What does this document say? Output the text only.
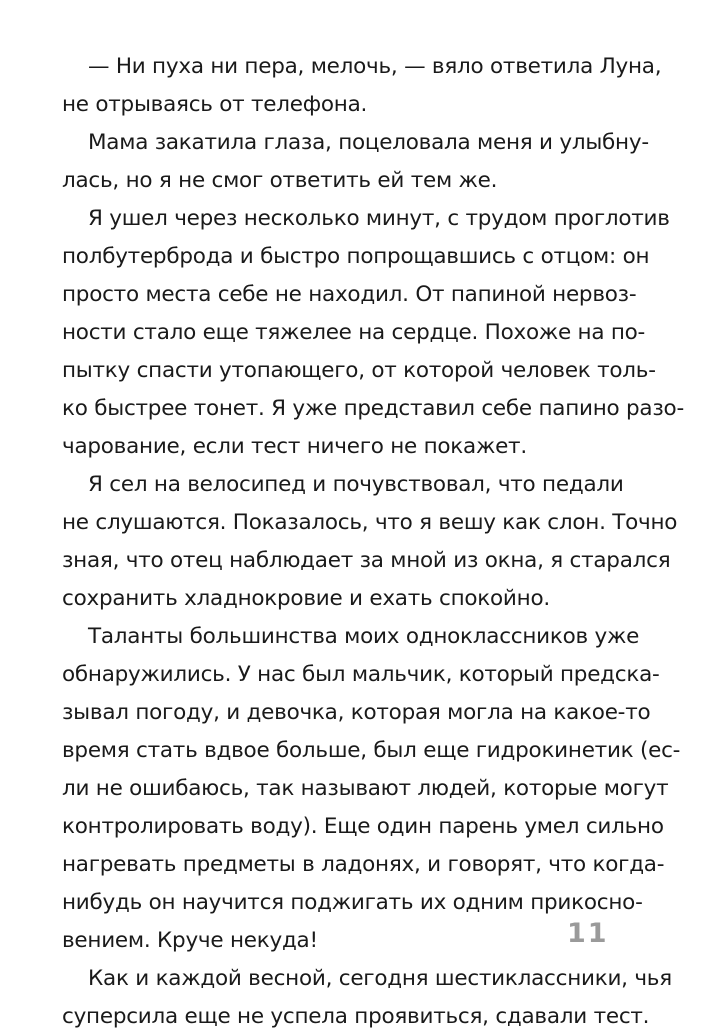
— Ни пуха ни пера, мелочь, — вяло ответила Луна,
не отрываясь от телефона.
Мама закатила глаза, поцеловала меня и улыбну-
лась, но я не смог ответить ей тем же.
Я ушел через несколько минут, с трудом проглотив
полбутерброда и быстро попрощавшись с отцом: он
просто места себе не находил. От папиной нервоз-
ности стало еще тяжелее на сердце. Похоже на по-
пытку спасти утопающего, от которой человек толь-
ко быстрее тонет. Я уже представил себе папино разо-
чарование, если тест ничего не покажет.
Я сел на велосипед и почувствовал, что педали
не слушаются. Показалось, что я вешу как слон. Точно
зная, что отец наблюдает за мной из окна, я старался
сохранить хладнокровие и ехать спокойно.
Таланты большинства моих одноклассников уже
обнаружились. У нас был мальчик, который предска-
зывал погоду, и девочка, которая могла на какое-то
время стать вдвое больше, был еще гидрокинетик (ес-
ли не ошибаюсь, так называют людей, которые могут
контролировать воду). Еще один парень умел сильно
нагревать предметы в ладонях, и говорят, что когда-
нибудь он научится поджигать их одним прикосно-
вением. Круче некуда!
Как и каждой весной, сегодня шестиклассники, чья
суперсила еще не успела проявиться, сдавали тест.
11
